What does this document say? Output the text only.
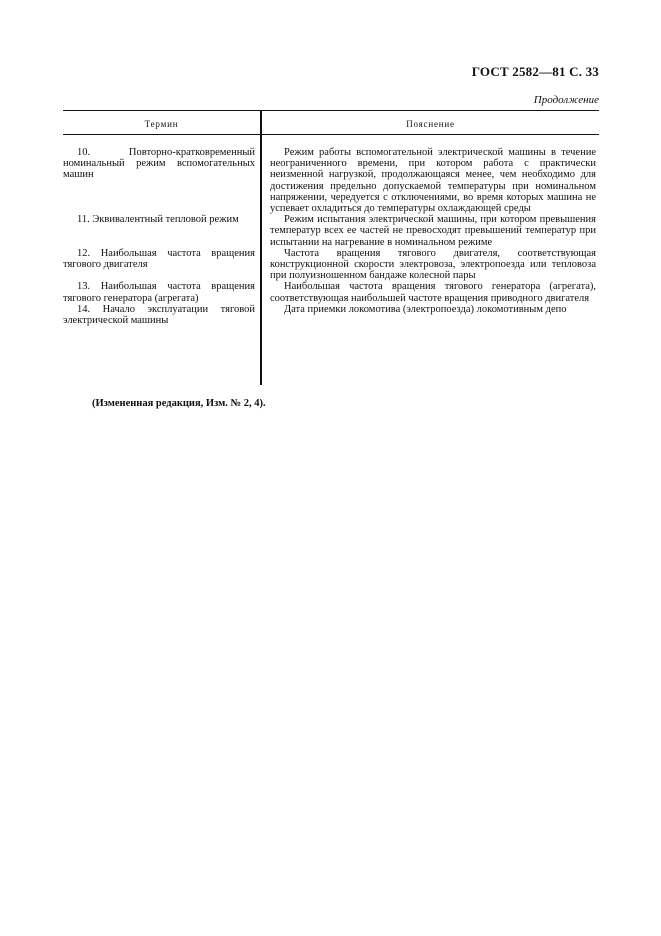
ГОСТ 2582—81 С. 33
Продолжение
Термин	Пояснение
10. Повторно-кратковременный номинальный режим вспомогательных машин
Режим работы вспомогательной электрической машины в течение неограниченного времени, при котором работа с практически неизменной нагрузкой, продолжающаяся менее, чем необходимо для достижения предельно допускаемой температуры при номинальном напряжении, чередуется с отключениями, во время которых машина не успевает охладиться до температуры охлаждающей среды
11. Эквивалентный тепловой режим	Режим испытания электрической машины, при котором превышения температур всех ее частей не превосходят превышений температур при испытании на нагревание в номинальном режиме
12. Наибольшая частота вращения тягового двигателя
Частота вращения тягового двигателя, соответствующая конструкционной скорости электровоза, электропоезда или тепловоза при полуизношенном бандаже колесной пары
13. Наибольшая частота вращения тягового генератора (агрегата)
Наибольшая частота вращения тягового генератора (агрегата), соответствующая наибольшей частоте вращения приводного двигателя
14. Начало эксплуатации тяговой электрической машины
Дата приемки локомотива (электропоезда) локомотивным депо
(Измененная редакция, Изм. № 2, 4).
